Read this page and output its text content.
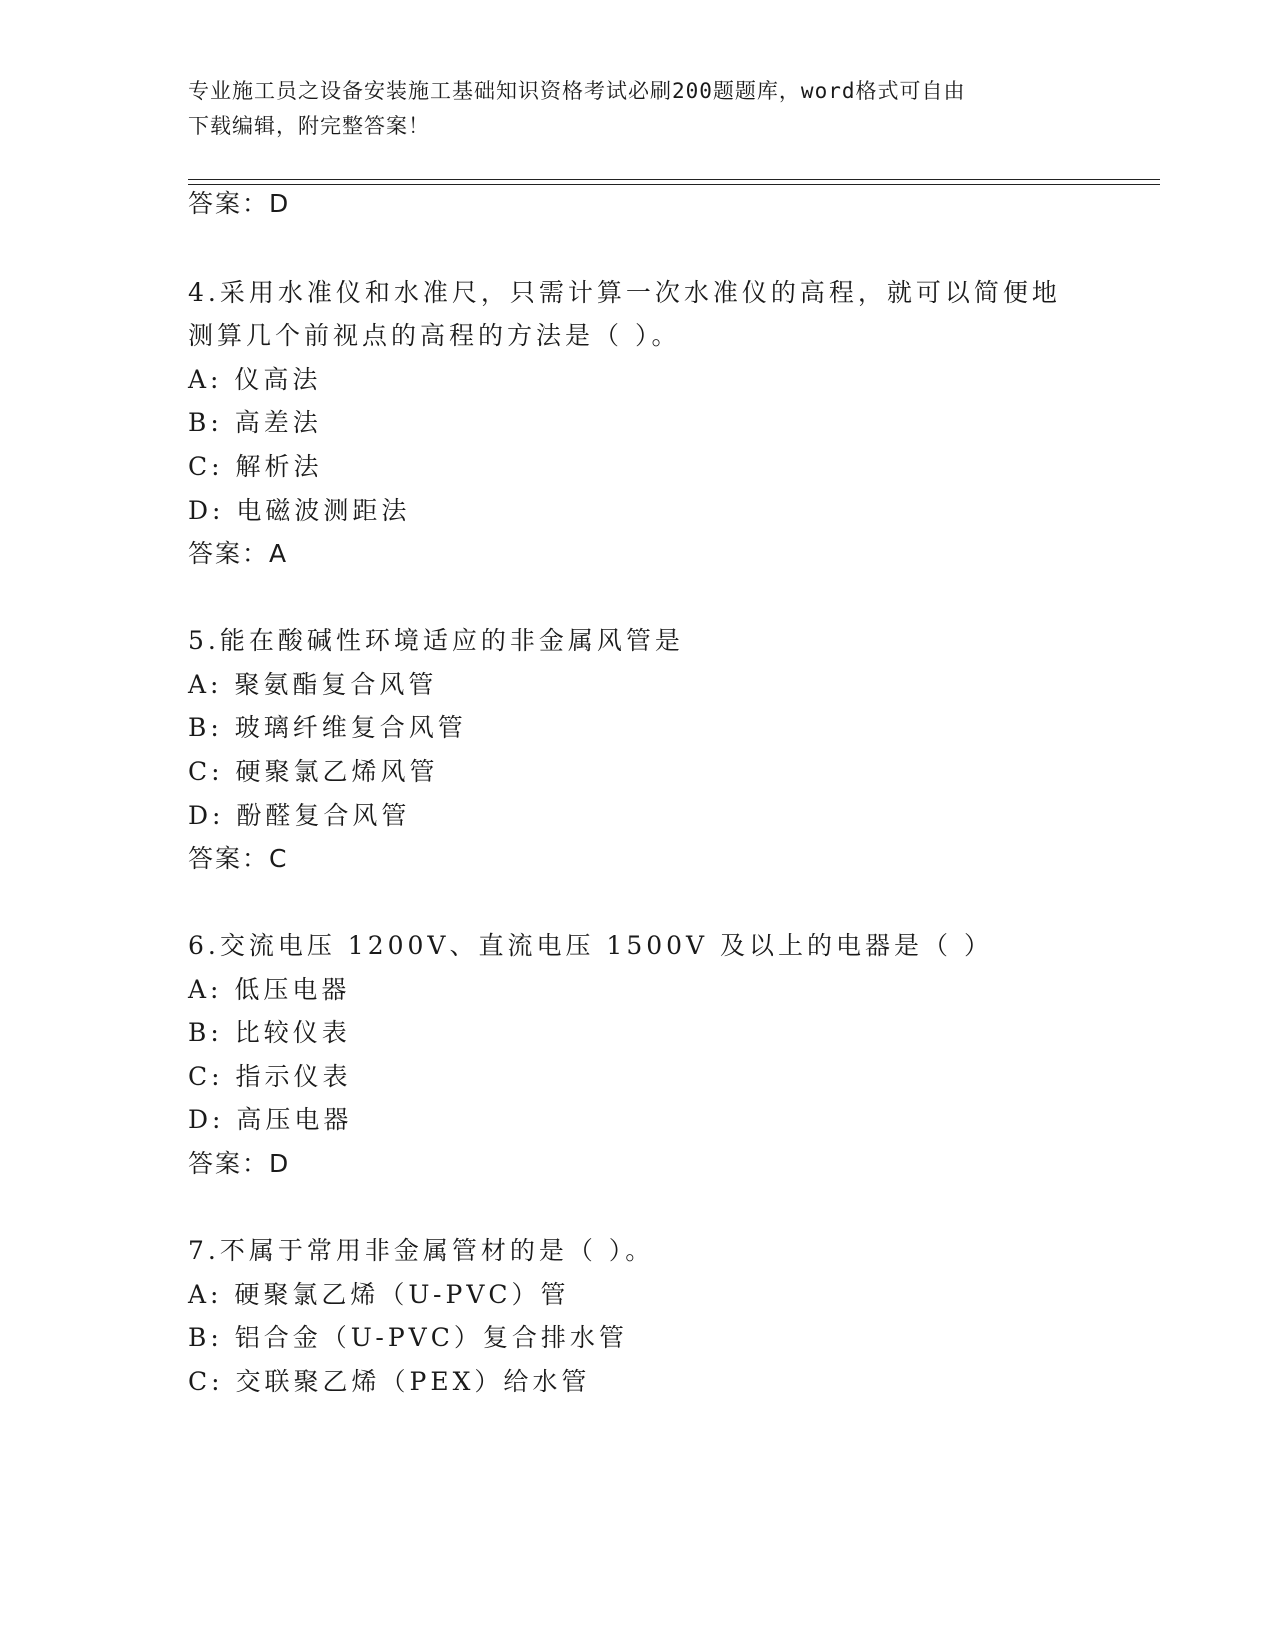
专业施工员之设备安装施工基础知识资格考试必刷200题题库，word格式可自由
下载编辑，附完整答案！
答案：D
4.采用水准仪和水准尺，只需计算一次水准仪的高程，就可以简便地
测算几个前视点的高程的方法是（ ）。
A: 仪高法
B: 高差法
C: 解析法
D: 电磁波测距法
答案：A
5.能在酸碱性环境适应的非金属风管是
A: 聚氨酯复合风管
B: 玻璃纤维复合风管
C: 硬聚氯乙烯风管
D: 酚醛复合风管
答案：C
6.交流电压 1200V、直流电压 1500V 及以上的电器是（ ）
A: 低压电器
B: 比较仪表
C: 指示仪表
D: 高压电器
答案：D
7.不属于常用非金属管材的是（ ）。
A: 硬聚氯乙烯（U-PVC）管
B: 铝合金（U-PVC）复合排水管
C: 交联聚乙烯（PEX）给水管
